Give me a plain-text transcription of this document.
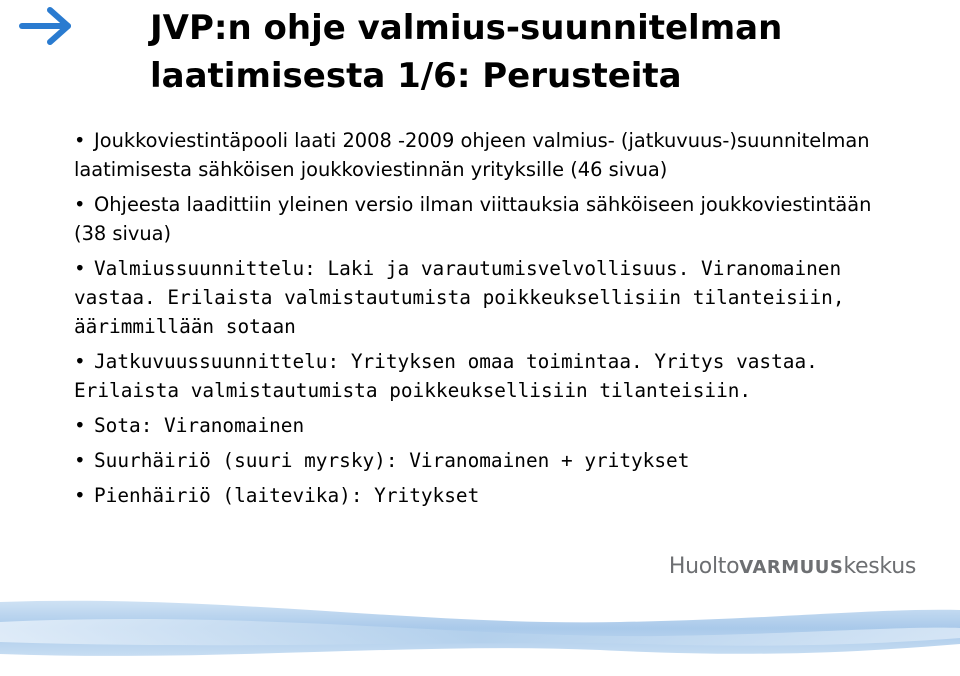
JVP:n ohje valmius-suunnitelman
laatimisesta 1/6: Perusteita
• Joukkoviestintäpooli laati 2008 -2009 ohjeen valmius- (jatkuvuus-)suunnitelman laatimisesta sähköisen joukkoviestinnän yrityksille (46 sivua)
• Ohjeesta laadittiin yleinen versio ilman viittauksia sähköiseen joukkoviestintään (38 sivua)
• Valmiussuunnittelu: Laki ja varautumisvelvollisuus. Viranomainen vastaa. Erilaista valmistautumista poikkeuksellisiin tilanteisiin, äärimmillään sotaan
• Jatkuvuussuunnittelu: Yrityksen omaa toimintaa. Yritys vastaa. Erilaista valmistautumista poikkeuksellisiin tilanteisiin.
• Sota: Viranomainen
• Suurhäiriö (suuri myrsky): Viranomainen + yritykset
• Pienhäiriö (laitevika): Yritykset
HuoltoVARMUUSkeskus
